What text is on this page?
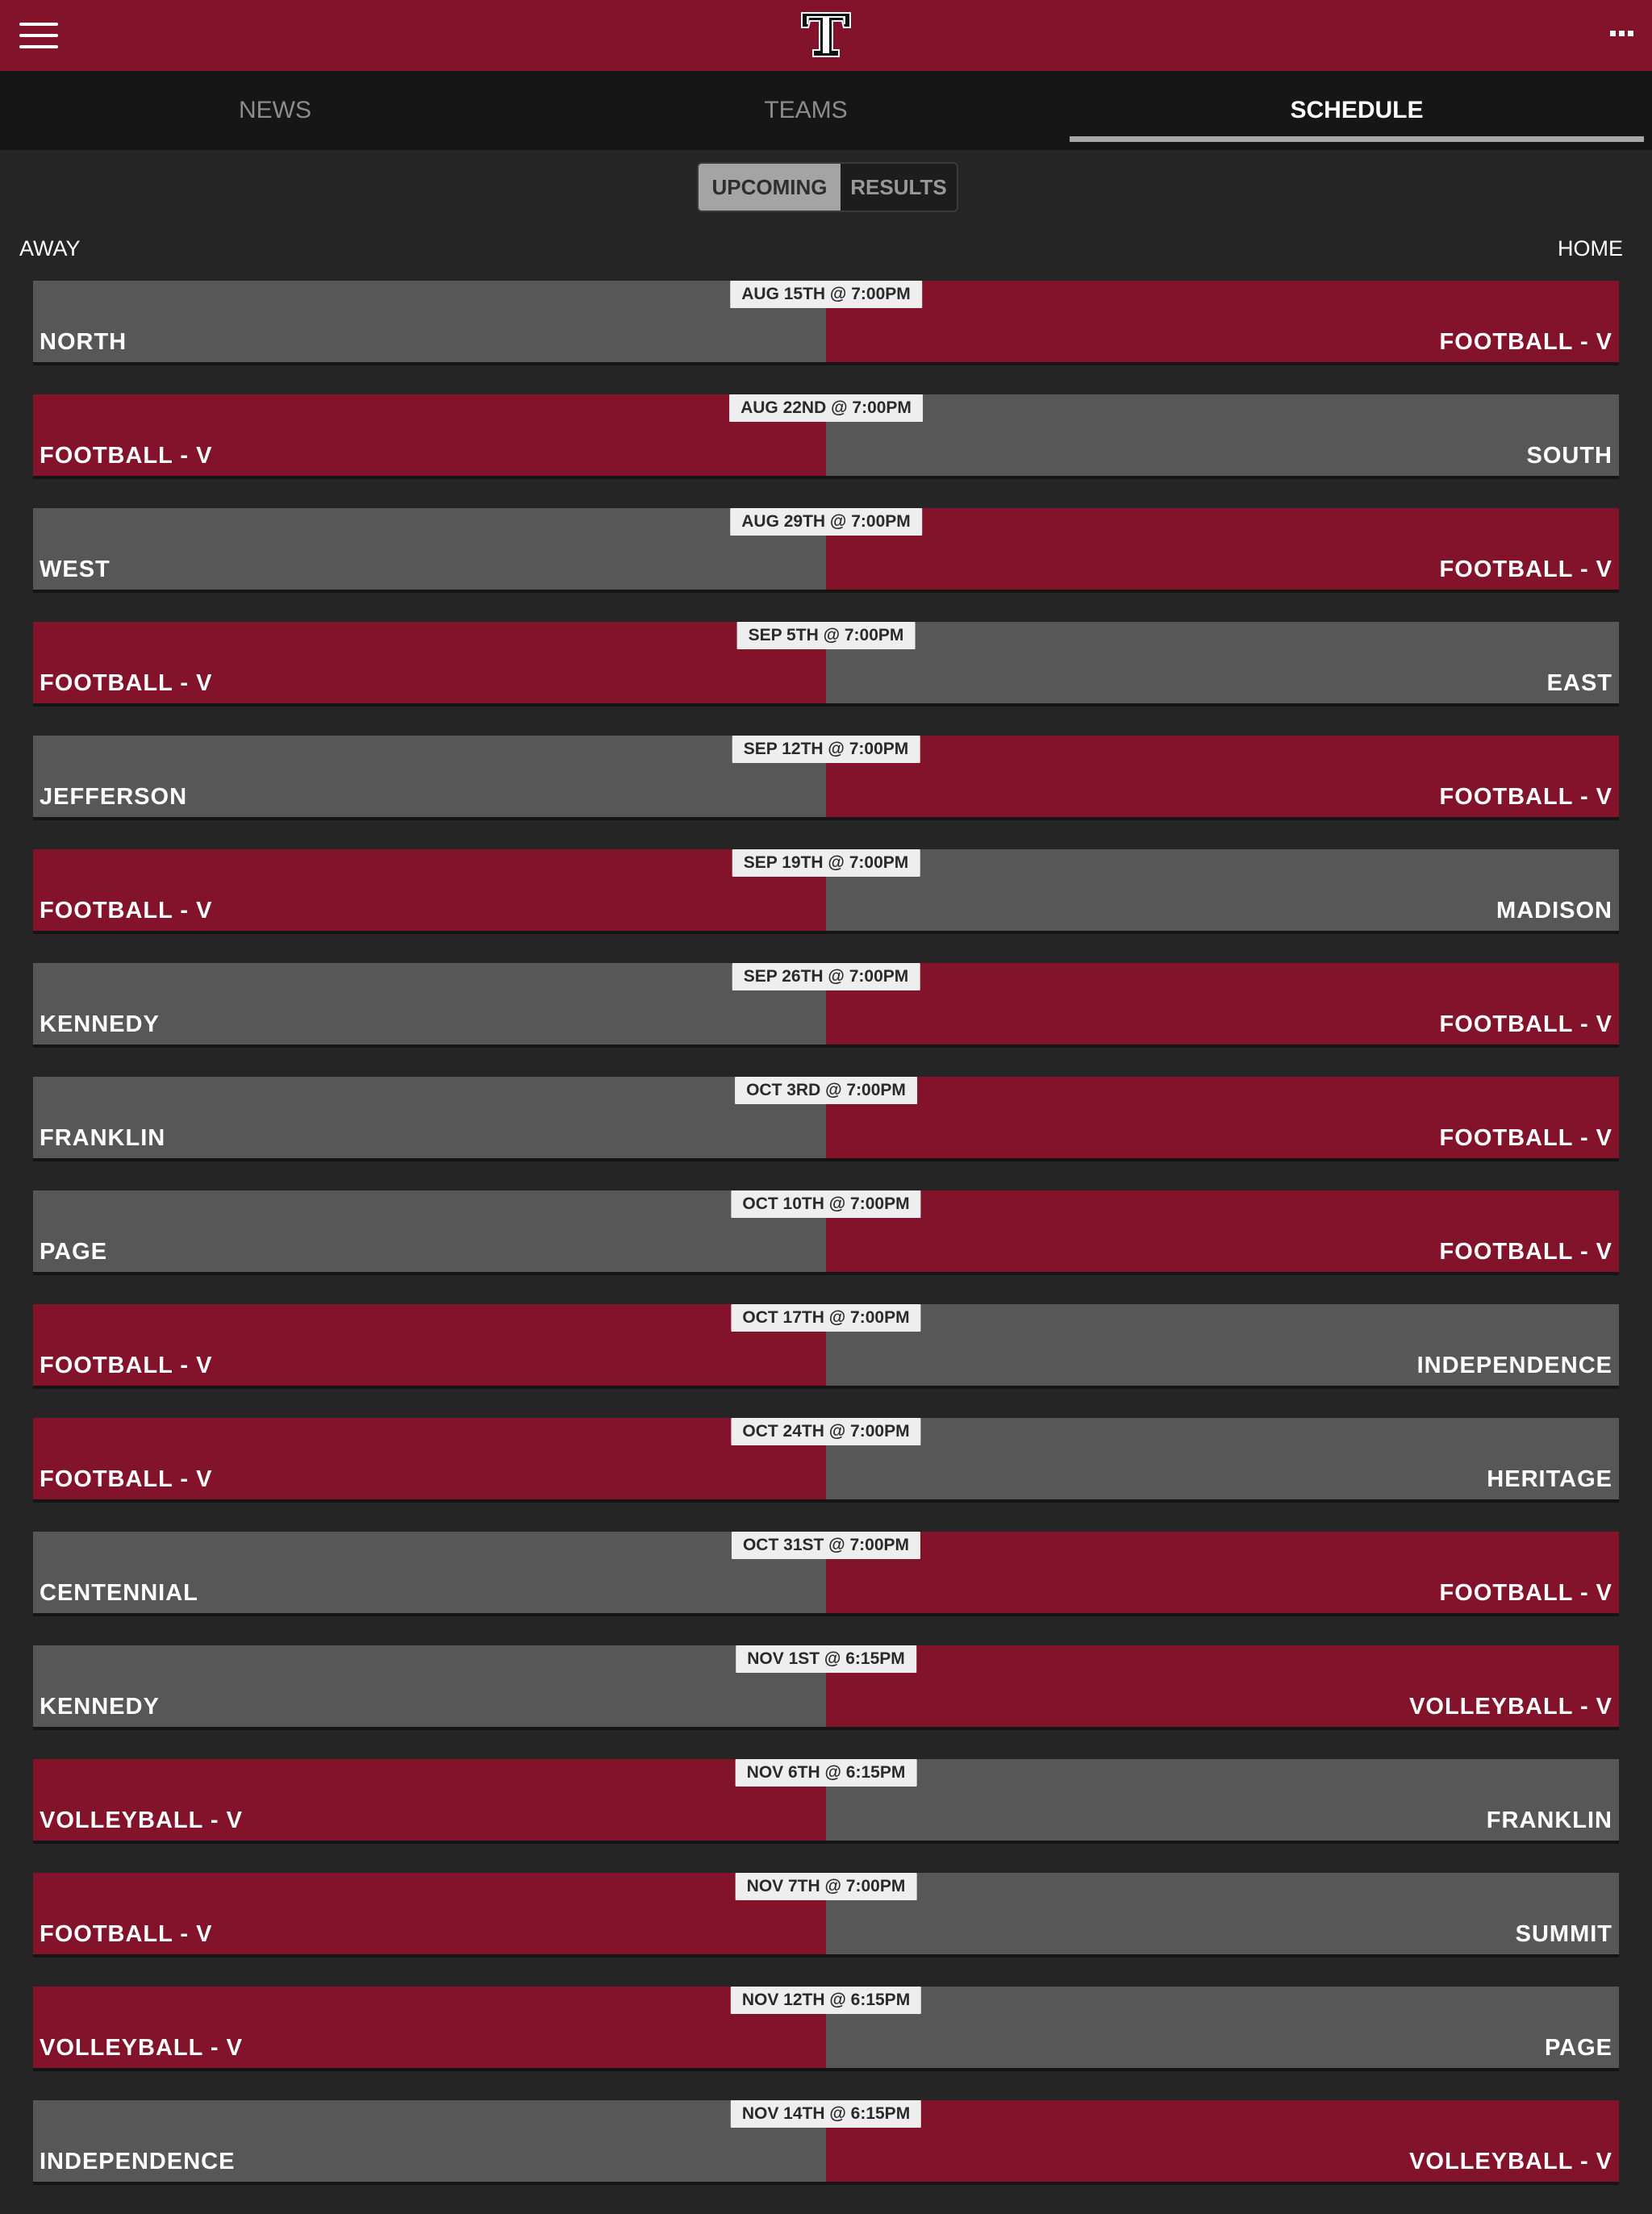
NEWS	TEAMS	SCHEDULE
UPCOMING	RESULTS
AWAY	HOME
NORTH	FOOTBALL - V
AUG 15TH @ 7:00PM
FOOTBALL - V	SOUTH
AUG 22ND @ 7:00PM
WEST	FOOTBALL - V
AUG 29TH @ 7:00PM
FOOTBALL - V	EAST
SEP 5TH @ 7:00PM
JEFFERSON	FOOTBALL - V
SEP 12TH @ 7:00PM
FOOTBALL - V	MADISON
SEP 19TH @ 7:00PM
KENNEDY	FOOTBALL - V
SEP 26TH @ 7:00PM
FRANKLIN	FOOTBALL - V
OCT 3RD @ 7:00PM
PAGE	FOOTBALL - V
OCT 10TH @ 7:00PM
FOOTBALL - V	INDEPENDENCE
OCT 17TH @ 7:00PM
FOOTBALL - V	HERITAGE
OCT 24TH @ 7:00PM
CENTENNIAL	FOOTBALL - V
OCT 31ST @ 7:00PM
KENNEDY	VOLLEYBALL - V
NOV 1ST @ 6:15PM
VOLLEYBALL - V	FRANKLIN
NOV 6TH @ 6:15PM
FOOTBALL - V	SUMMIT
NOV 7TH @ 7:00PM
VOLLEYBALL - V	PAGE
NOV 12TH @ 6:15PM
INDEPENDENCE	VOLLEYBALL - V
NOV 14TH @ 6:15PM
